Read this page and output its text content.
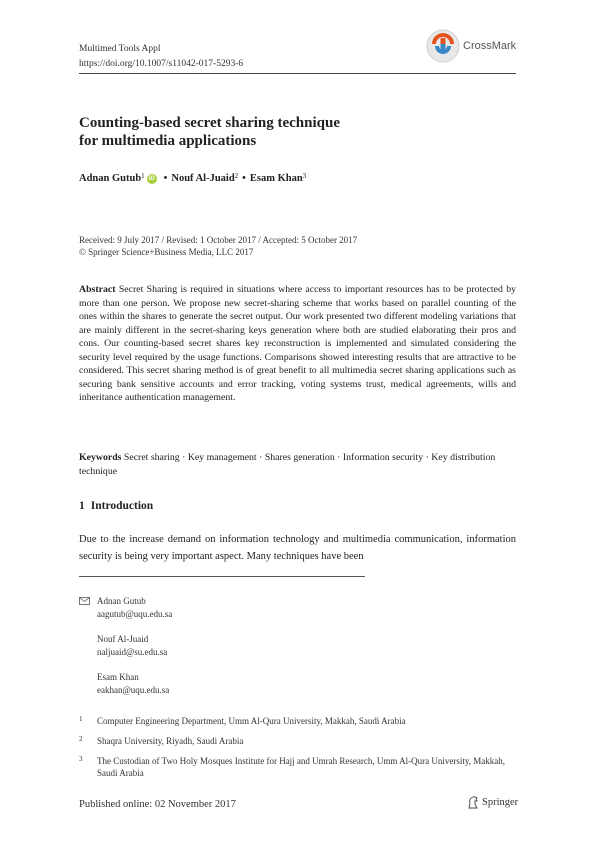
Multimed Tools Appl
https://doi.org/10.1007/s11042-017-5293-6
CrossMark
Counting-based secret sharing technique
for multimedia applications
Adnan Gutub$^1$ iD • Nouf Al-Juaid$^2$ • Esam Khan$^3$
Received: 9 July 2017 / Revised: 1 October 2017 / Accepted: 5 October 2017
© Springer Science+Business Media, LLC 2017
Abstract Secret Sharing is required in situations where access to important resources has to be protected by more than one person. We propose new secret-sharing scheme that works based on parallel counting of the ones within the shares to generate the secret output. Our work presented two different modeling variations that are mainly different in the secret-sharing keys generation where both are studied elaborating their pros and cons. Our counting-based secret shares key reconstruction is implemented and simulated considering the security level required by the usage functions. Comparisons showed interesting results that are attractive to be considered. This secret sharing method is of great benefit to all multimedia secret sharing applications such as securing bank sensitive accounts and error tracking, voting systems trust, medical agreements, wills and inheritance authentication management.
Keywords Secret sharing · Key management · Shares generation · Information security · Key distribution technique
1 Introduction
Due to the increase demand on information technology and multimedia communication, information security is being very important aspect. Many techniques have been
Adnan Gutub
aagutub@uqu.edu.sa
Nouf Al-Juaid
naljuaid@su.edu.sa
Esam Khan
eakhan@uqu.edu.sa
1 Computer Engineering Department, Umm Al-Qura University, Makkah, Saudi Arabia
2 Shaqra University, Riyadh, Saudi Arabia
3 The Custodian of Two Holy Mosques Institute for Hajj and Umrah Research, Umm Al-Qura University, Makkah, Saudi Arabia
Published online: 02 November 2017	Springer
